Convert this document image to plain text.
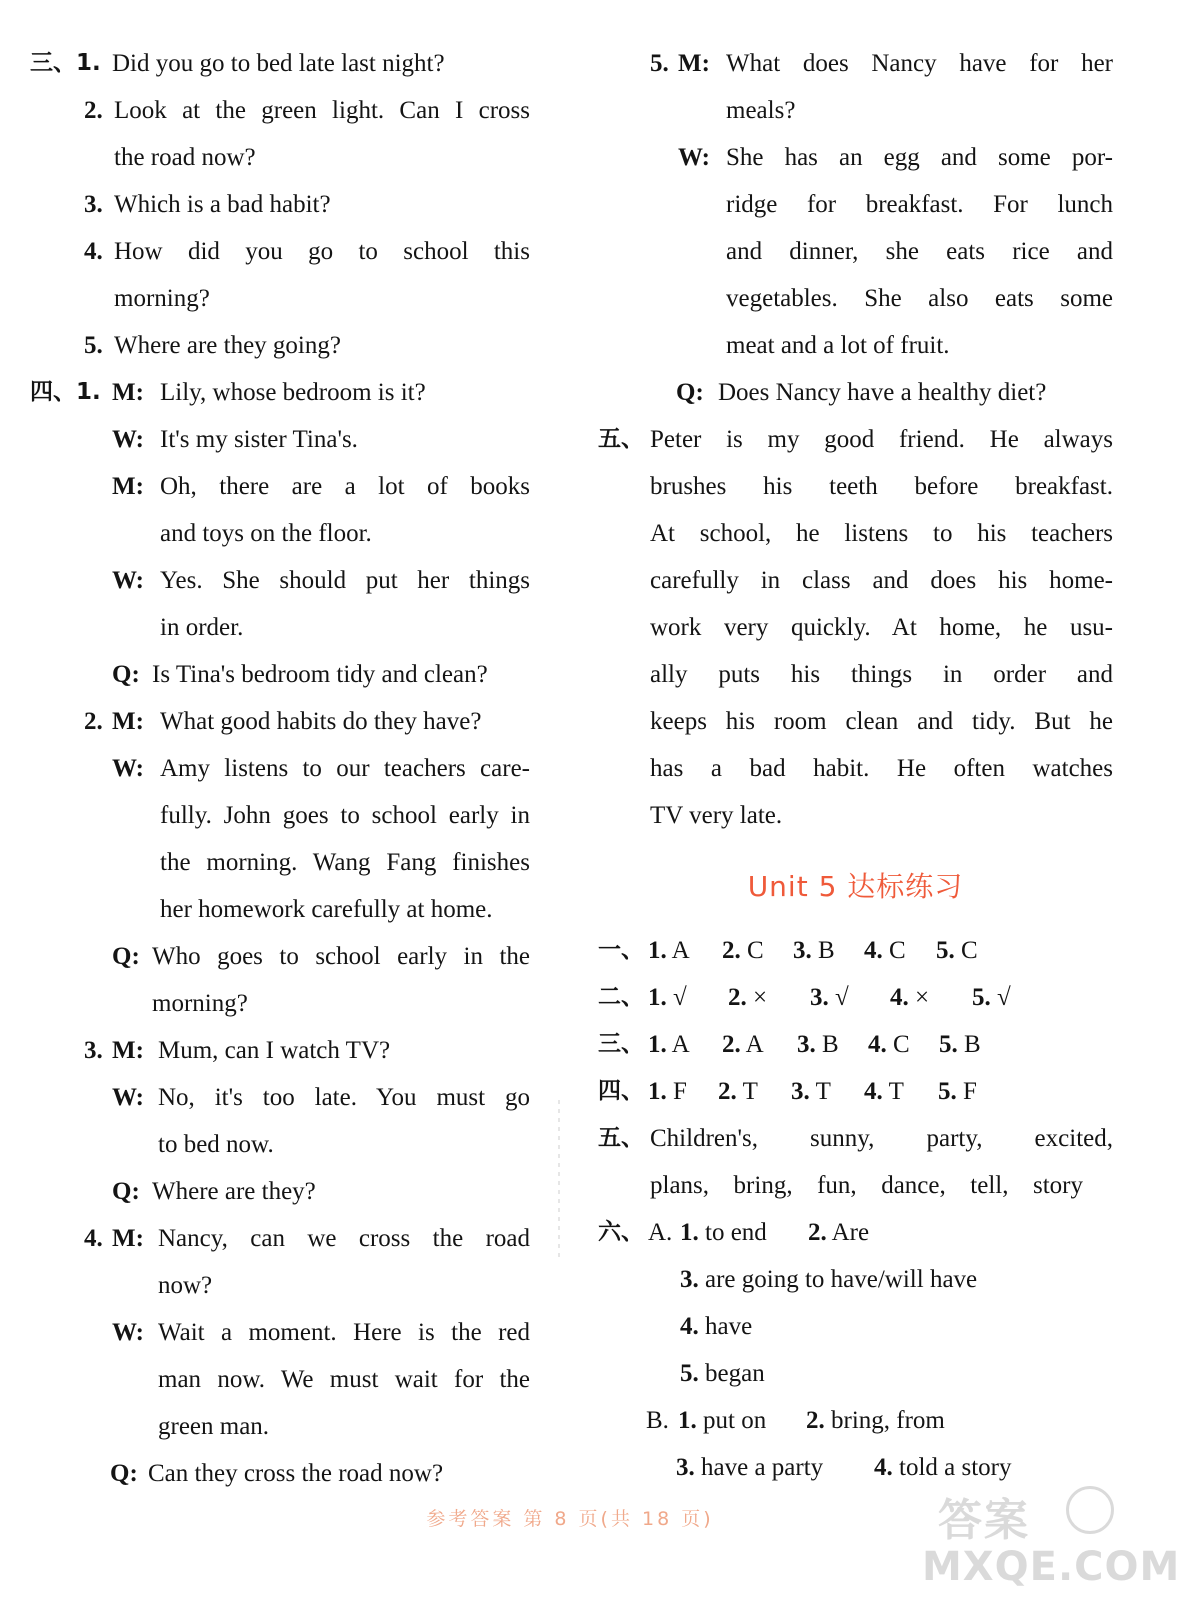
三、1. Did you go to bed late last night?
2. Look at the green light. Can I cross
the road now?
3. Which is a bad habit?
4. How did you go to school this
morning?
5. Where are they going?
四、1. M: Lily, whose bedroom is it?
W: It's my sister Tina's.
M: Oh, there are a lot of books
and toys on the floor.
W: Yes. She should put her things
in order.
Q: Is Tina's bedroom tidy and clean?
2. M: What good habits do they have?
W: Amy listens to our teachers care-
fully. John goes to school early in
the morning. Wang Fang finishes
her homework carefully at home.
Q: Who goes to school early in the
morning?
3. M: Mum, can I watch TV?
W: No, it's too late. You must go
to bed now.
Q: Where are they?
4. M: Nancy, can we cross the road
now?
W: Wait a moment. Here is the red
man now. We must wait for the
green man.
Q: Can they cross the road now?
5. M: What does Nancy have for her
meals?
W: She has an egg and some por-
ridge for breakfast. For lunch
and dinner, she eats rice and
vegetables. She also eats some
meat and a lot of fruit.
Q: Does Nancy have a healthy diet?
五、 Peter is my good friend. He always
brushes his teeth before breakfast.
At school, he listens to his teachers
carefully in class and does his home-
work very quickly. At home, he usu-
ally puts his things in order and
keeps his room clean and tidy. But he
has a bad habit. He often watches
TV very late.
Unit 5 达标练习
一、 1. A 2. C 3. B 4. C 5. C
二、 1. √ 2. × 3. √ 4. × 5. √
三、 1. A 2. A 3. B 4. C 5. B
四、 1. F 2. T 3. T 4. T 5. F
五、 Children's, sunny, party, excited,
plans, bring, fun, dance, tell, story
六、 A. 1. to end 2. Are
3. are going to have/will have
4. have
5. began
B. 1. put on 2. bring, from
3. have a party 4. told a story
参考答案 第 8 页(共 18 页)	答案
MXQE.COM
